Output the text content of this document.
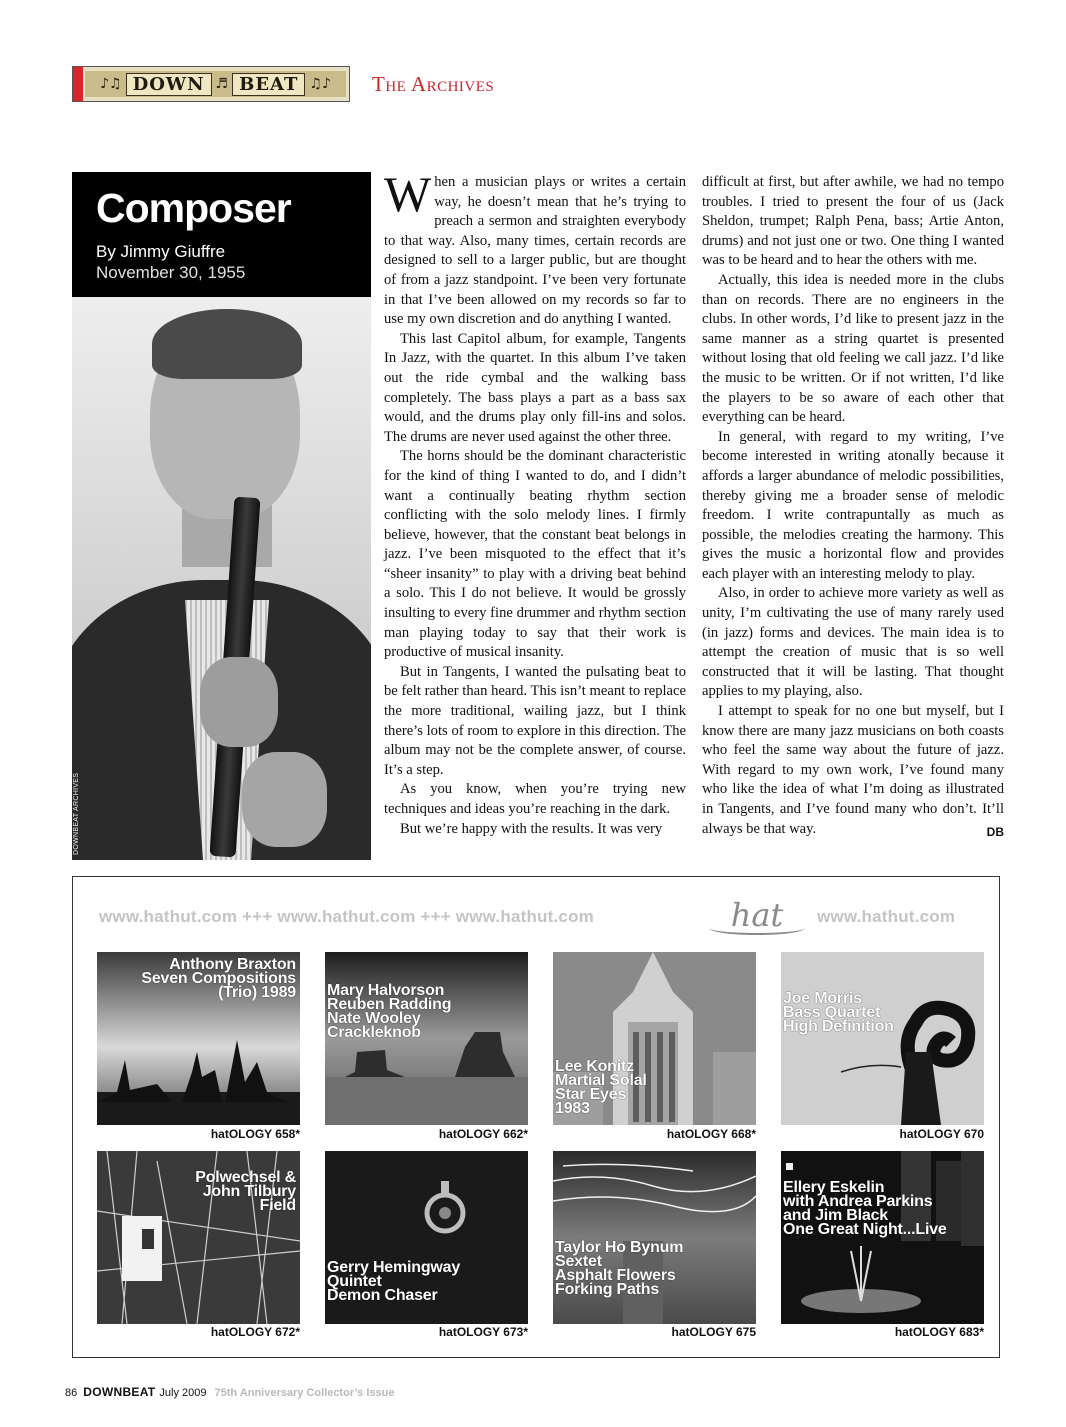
♪♫ DOWN ♬ BEAT ♫♪ The Archives
Composer
By Jimmy Giuffre
November 30, 1955
DOWNBEAT ARCHIVES

When a musician plays or writes a certain way, he doesn’t mean that he’s trying to preach a sermon and straighten everybody to that way. Also, many times, certain records are designed to sell to a larger public, but are thought of from a jazz standpoint. I’ve been very fortunate in that I’ve been allowed on my records so far to use my own discretion and do anything I wanted.

This last Capitol album, for example, Tangents In Jazz, with the quartet. In this album I’ve taken out the ride cymbal and the walking bass completely. The bass plays a part as a bass sax would, and the drums play only fill-ins and solos. The drums are never used against the other three.

The horns should be the dominant characteristic for the kind of thing I wanted to do, and I didn’t want a continually beating rhythm section conflicting with the solo melody lines. I firmly believe, however, that the constant beat belongs in jazz. I’ve been misquoted to the effect that it’s “sheer insanity” to play with a driving beat behind a solo. This I do not believe. It would be grossly insulting to every fine drummer and rhythm section man playing today to say that their work is productive of musical insanity.

But in Tangents, I wanted the pulsating beat to be felt rather than heard. This isn’t meant to replace the more traditional, wailing jazz, but I think there’s lots of room to explore in this direction. The album may not be the complete answer, of course. It’s a step.

As you know, when you’re trying new techniques and ideas you’re reaching in the dark.

But we’re happy with the results. It was very

difficult at first, but after awhile, we had no tempo troubles. I tried to present the four of us (Jack Sheldon, trumpet; Ralph Pena, bass; Artie Anton, drums) and not just one or two. One thing I wanted was to be heard and to hear the others with me.

Actually, this idea is needed more in the clubs than on records. There are no engineers in the clubs. In other words, I’d like to present jazz in the same manner as a string quartet is presented without losing that old feeling we call jazz. I’d like the music to be written. Or if not written, I’d like the players to be so aware of each other that everything can be heard.

In general, with regard to my writing, I’ve become interested in writing atonally because it affords a larger abundance of melodic possibilities, thereby giving me a broader sense of melodic freedom. I write contrapuntally as much as possible, the melodies creating the harmony. This gives the music a horizontal flow and provides each player with an interesting melody to play.

Also, in order to achieve more variety as well as unity, I’m cultivating the use of many rarely used (in jazz) forms and devices. The main idea is to attempt the creation of music that is so well constructed that it will be lasting. That thought applies to my playing, also.

I attempt to speak for no one but myself, but I know there are many jazz musicians on both coasts who feel the same way about the future of jazz. With regard to my own work, I’ve found many who like the idea of what I’m doing as illustrated in Tangents, and I’ve found many who don’t. It’ll always be that way.	DB

www.hathut.com +++ www.hathut.com +++ www.hathut.com	hat	www.hathut.com
Anthony Braxton
Seven Compositions
(Trio) 1989
hatOLOGY 658*
Mary Halvorson
Reuben Radding
Nate Wooley
Crackleknob
hatOLOGY 662*
Lee Konitz
Martial Solal
Star Eyes
1983
hatOLOGY 668*
Joe Morris
Bass Quartet
High Definition
hatOLOGY 670
Polwechsel &
John Tilbury
Field
hatOLOGY 672*
Gerry Hemingway
Quintet
Demon Chaser
hatOLOGY 673*
Taylor Ho Bynum
Sextet
Asphalt Flowers
Forking Paths
hatOLOGY 675
Ellery Eskelin
with Andrea Parkins
and Jim Black
One Great Night...Live
hatOLOGY 683*
86 DOWNBEAT July 2009 75th Anniversary Collector’s Issue
